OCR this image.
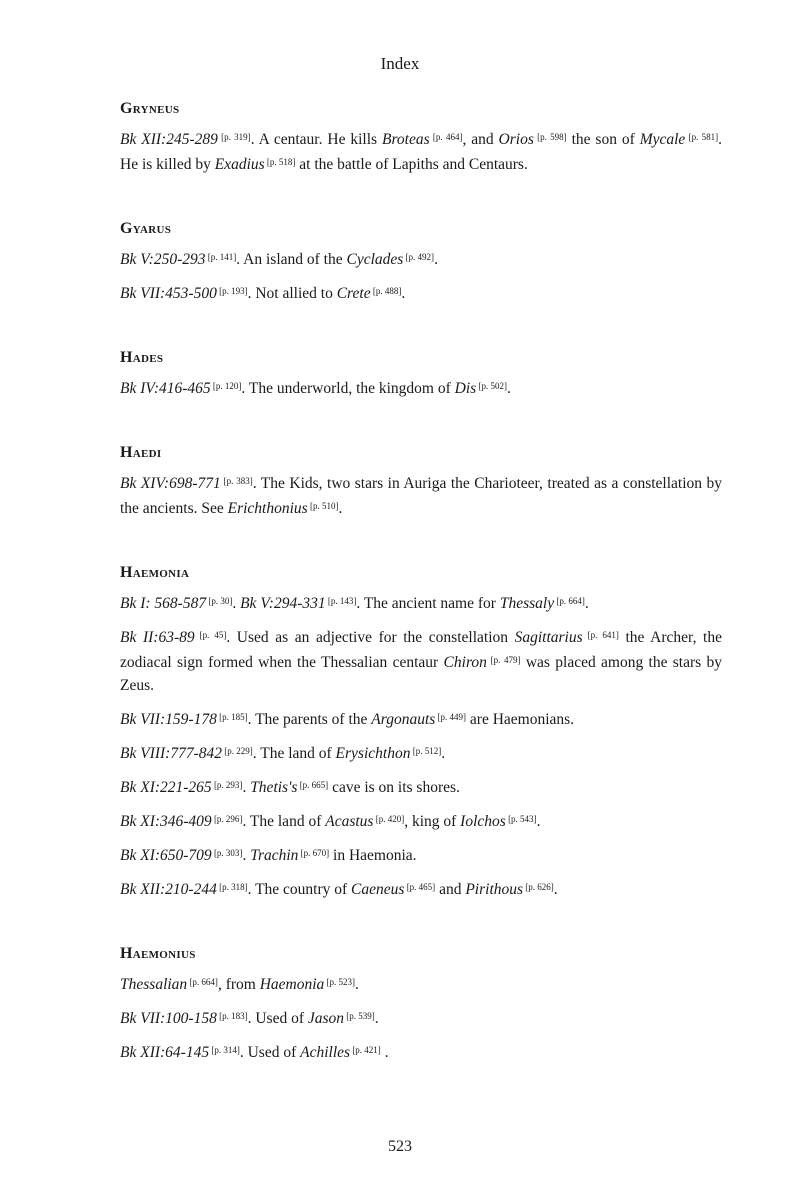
Index
Gryneus
Bk XII:245-289 [p. 319]. A centaur. He kills Broteas [p. 464], and Orios [p. 598] the son of Mycale [p. 581]. He is killed by Exadius [p. 518] at the battle of Lapiths and Centaurs.
Gyarus
Bk V:250-293 [p. 141]. An island of the Cyclades [p. 492].
Bk VII:453-500 [p. 193]. Not allied to Crete [p. 488].
Hades
Bk IV:416-465 [p. 120]. The underworld, the kingdom of Dis [p. 502].
Haedi
Bk XIV:698-771 [p. 383]. The Kids, two stars in Auriga the Charioteer, treated as a constellation by the ancients. See Erichthonius [p. 510].
Haemonia
Bk I: 568-587 [p. 30]. Bk V:294-331 [p. 143]. The ancient name for Thessaly [p. 664].
Bk II:63-89 [p. 45]. Used as an adjective for the constellation Sagittarius [p. 641] the Archer, the zodiacal sign formed when the Thessalian centaur Chiron [p. 479] was placed among the stars by Zeus.
Bk VII:159-178 [p. 185]. The parents of the Argonauts [p. 449] are Haemonians.
Bk VIII:777-842 [p. 229]. The land of Erysichthon [p. 512].
Bk XI:221-265 [p. 293]. Thetis's [p. 665] cave is on its shores.
Bk XI:346-409 [p. 296]. The land of Acastus [p. 420], king of Iolchos [p. 543].
Bk XI:650-709 [p. 303]. Trachin [p. 670] in Haemonia.
Bk XII:210-244 [p. 318]. The country of Caeneus [p. 465] and Pirithous [p. 626].
Haemonius
Thessalian [p. 664], from Haemonia [p. 523].
Bk VII:100-158 [p. 183]. Used of Jason [p. 539].
Bk XII:64-145 [p. 314]. Used of Achilles [p. 421] .
523
